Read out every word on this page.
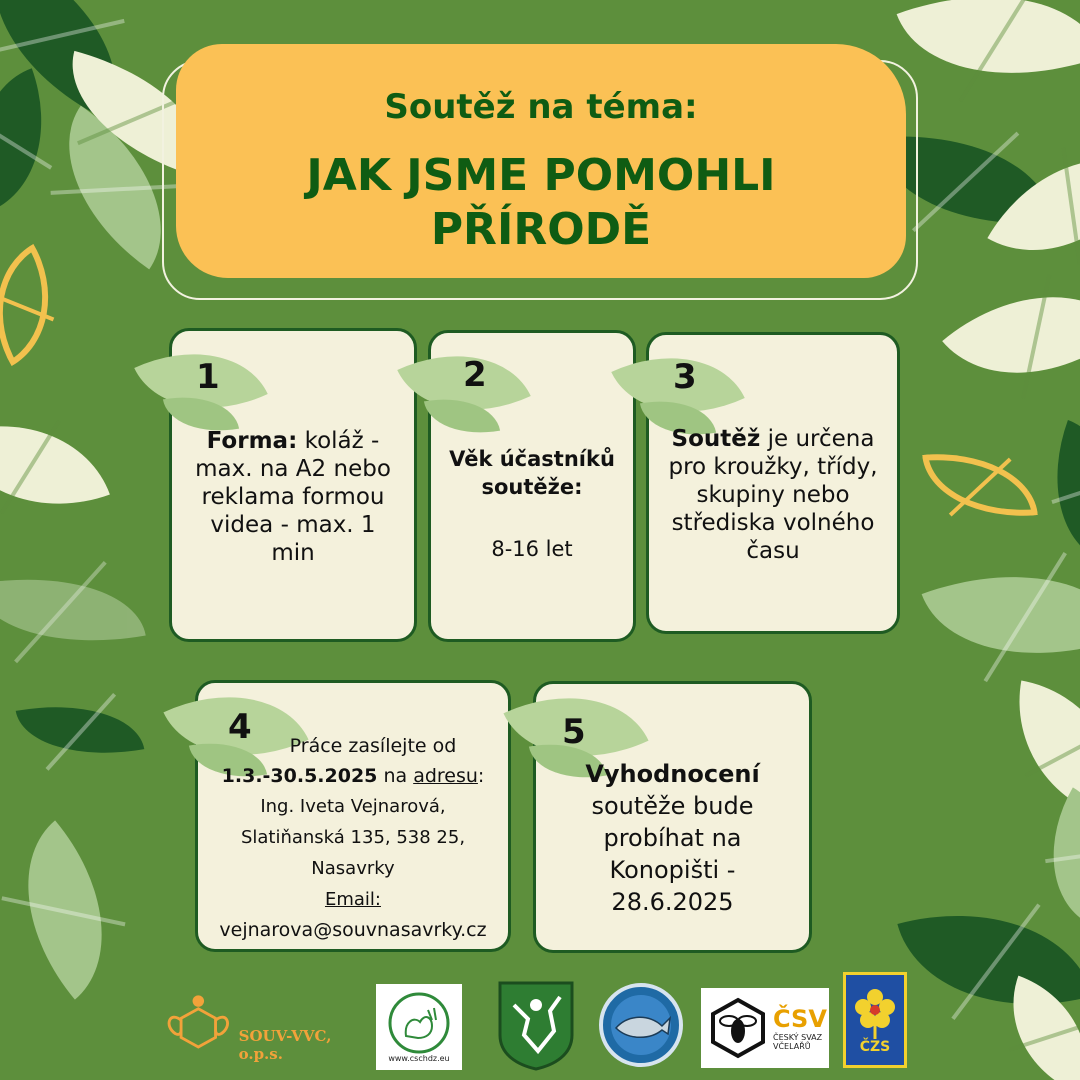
Soutěž na téma:
JAK JSME POMOHLI
PŘÍRODĚ
1
Forma: koláž - max. na A2 nebo reklama formou videa - max. 1 min
2
Věk účastníků soutěže:
8-16 let
3
Soutěž je určena pro kroužky, třídy, skupiny nebo střediska volného času
4	Práce zasílejte od
1.3.-30.5.2025 na adresu:
Ing. Iveta Vejnarová,
Slatiňanská 135, 538 25,
Nasavrky
Email:
vejnarova@souvnasavrky.cz
5
Vyhodnocení
soutěže bude
probíhat na
Konopišti -
28.6.2025
SOUV-VVC, o.p.s.	www.cschdz.eu
ČSV
ČESKÝ SVAZ
VČELAŘŮ	ČZS
